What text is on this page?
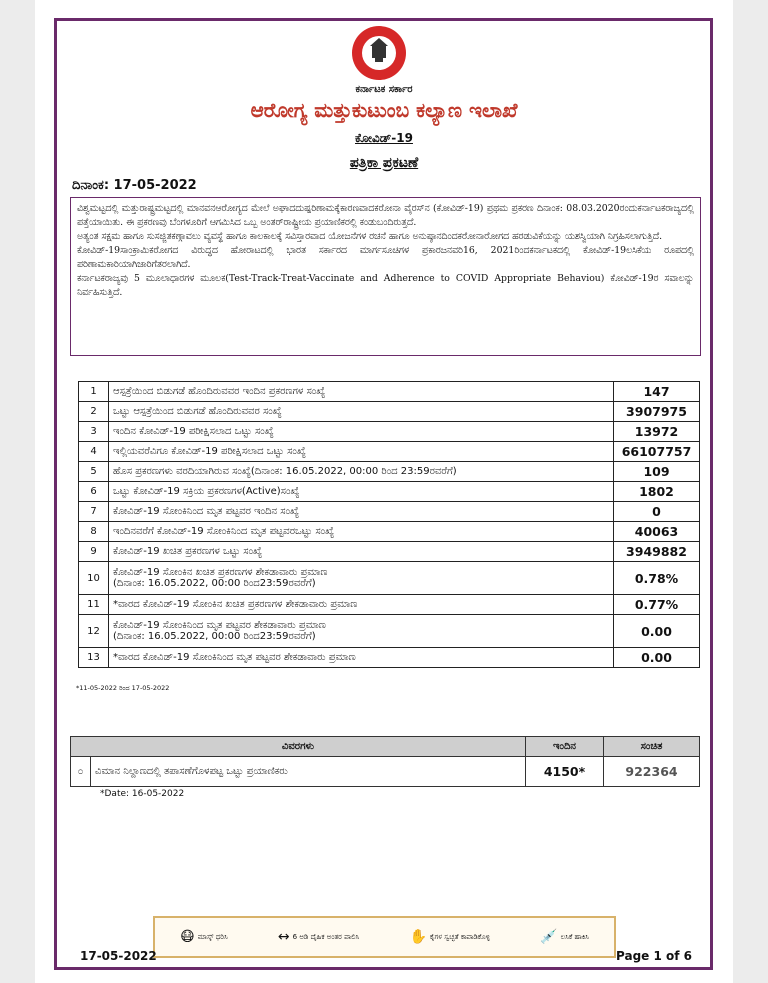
ಕರ್ನಾಟಕ ಸರ್ಕಾರ
ಆರೋಗ್ಯ ಮತ್ತುಕುಟುಂಬ ಕಲ್ಯಾಣ ಇಲಾಖೆ
ಕೋವಿಡ್-19
ಪತ್ರಿಕಾ ಪ್ರಕಟಣೆ
ದಿನಾಂಕ: 17-05-2022

ವಿಶ್ವಮಟ್ಟದಲ್ಲಿ ಮತ್ತುರಾಷ್ಟ್ರಮಟ್ಟದಲ್ಲಿ ಮಾನವನಆರೋಗ್ಯದ ಮೇಲೆ ಅಘಾದದುಷ್ಪರಿಣಾಮಕ್ಕೆಕಾರಣವಾದಕರೋನಾ ವೈರಸ್‌ನ (ಕೋವಿಡ್-19) ಪ್ರಥಮ ಪ್ರಕರಣ ದಿನಾಂಕ: 08.03.2020ರಂದುಕರ್ನಾಟಕರಾಜ್ಯದಲ್ಲಿ ಪತ್ತೆಯಾಯಿತು. ಈ ಪ್ರಕರಣವು ಬೆಂಗಳೂರಿಗೆ ಆಗಮಿಸಿದ ಒಬ್ಬ ಅಂತರ್‌ರಾಷ್ಟ್ರೀಯ ಪ್ರಯಾಣಿಕರಲ್ಲಿ ಕಂಡುಬಂದಿರುತ್ತದೆ.

ಅತ್ಯಂತ ಸಕ್ಷಮ ಹಾಗೂ ಸುಸಜ್ಜಿತಕಣ್ಗಾವಲು ವ್ಯವಸ್ಥೆ ಹಾಗೂ ಕಾಲಕಾಲಕ್ಕೆ ಸವಿಸ್ತಾರವಾದ ಯೋಜನೆಗಳ ರಚನೆ ಹಾಗೂ ಅನುಷ್ಠಾನದಿಂದಕರೋನಾರೋಗದ ಹರಡುವಿಕೆಯನ್ನು ಯಶಸ್ವಿಯಾಗಿ ನಿಗ್ರಹಿಸಲಾಗುತ್ತಿದೆ.

ಕೋವಿಡ್-19ಸಾಂಕ್ರಾಮಿಕರೋಗದ ವಿರುದ್ಧದ ಹೋರಾಟದಲ್ಲಿ ಭಾರತ ಸರ್ಕಾರದ ಮಾರ್ಗಸೂಚಿಗಳ ಪ್ರಕಾರಜನವರಿ16, 2021ರಿಂದಕರ್ನಾಟಕದಲ್ಲಿ ಕೋವಿಡ್-19ಲಸಿಕೆಯ ರೂಪದಲ್ಲಿ ಪರಿಣಾಮಕಾರಿಯಾಗಿಜಾರಿಗೆತರಲಾಗಿದೆ.

ಕರ್ನಾಟಕರಾಜ್ಯವು 5 ಮೂಲಾಧಾರಗಳ ಮೂಲಕ(Test-Track-Treat-Vaccinate and Adherence to COVID Appropriate Behaviou) ಕೋವಿಡ್-19ರ ಸವಾಲನ್ನು ನಿರ್ವಹಿಸುತ್ತಿದೆ.

1	ಆಸ್ಪತ್ರೆಯಿಂದ ಬಿಡುಗಡೆ ಹೊಂದಿರುವವರ ಇಂದಿನ ಪ್ರಕರಣಗಳ ಸಂಖ್ಯೆ	147
2	ಒಟ್ಟು ಆಸ್ಪತ್ರೆಯಿಂದ ಬಿಡುಗಡೆ ಹೊಂದಿರುವವರ ಸಂಖ್ಯೆ	3907975
3	ಇಂದಿನ ಕೋವಿಡ್-19 ಪರೀಕ್ಷಿಸಲಾದ ಒಟ್ಟು ಸಂಖ್ಯೆ	13972
4	ಇಲ್ಲಿಯವರೆವಿಗೂ ಕೋವಿಡ್-19 ಪರೀಕ್ಷಿಸಲಾದ ಒಟ್ಟು ಸಂಖ್ಯೆ	66107757
5	ಹೊಸ ಪ್ರಕರಣಗಳು ವರದಿಯಾಗಿರುವ ಸಂಖ್ಯೆ(ದಿನಾಂಕ: 16.05.2022, 00:00 ರಿಂದ 23:59ರವರೆಗೆ)	109
6	ಒಟ್ಟು ಕೋವಿಡ್-19 ಸಕ್ರಿಯ ಪ್ರಕರಣಗಳ(Active)ಸಂಖ್ಯೆ	1802
7	ಕೋವಿಡ್-19 ಸೋಂಕಿನಿಂದ ಮೃತ ಪಟ್ಟವರ ಇಂದಿನ ಸಂಖ್ಯೆ	0
8	ಇಂದಿನವರೆಗೆ ಕೋವಿಡ್-19 ಸೋಂಕಿನಿಂದ ಮೃತ ಪಟ್ಟವರಒಟ್ಟು ಸಂಖ್ಯೆ	40063
9	ಕೋವಿಡ್-19 ಖಚಿತ ಪ್ರಕರಣಗಳ ಒಟ್ಟು ಸಂಖ್ಯೆ	3949882
10	ಕೋವಿಡ್-19 ಸೋಂಕಿನ ಖಚಿತ ಪ್ರಕರಣಗಳ ಶೇಕಡಾವಾರು ಪ್ರಮಾಣ
(ದಿನಾಂಕ: 16.05.2022, 00:00 ರಿಂದ23:59ರವರೆಗೆ)	0.78%
11	*ವಾರದ ಕೋವಿಡ್-19 ಸೋಂಕಿನ ಖಚಿತ ಪ್ರಕರಣಗಳ ಶೇಕಡಾವಾರು ಪ್ರಮಾಣ	0.77%
12	ಕೋವಿಡ್-19 ಸೋಂಕಿನಿಂದ ಮೃತ ಪಟ್ಟವರ ಶೇಕಡಾವಾರು ಪ್ರಮಾಣ
(ದಿನಾಂಕ: 16.05.2022, 00:00 ರಿಂದ23:59ರವರೆಗೆ)	0.00
13	*ವಾರದ ಕೋವಿಡ್-19 ಸೋಂಕಿನಿಂದ ಮೃತ ಪಟ್ಟವರ ಶೇಕಡಾವಾರು ಪ್ರಮಾಣ	0.00
*11-05-2022 ರಿಂದ 17-05-2022
ವಿವರಗಳು		ಇಂದಿನ	ಸಂಚಿತ
೦	ವಿಮಾನ ನಿಲ್ದಾಣದಲ್ಲಿ ತಪಾಸಣೆಗೊಳಪಟ್ಟ ಒಟ್ಟು ಪ್ರಯಾಣಿಕರು	4150*	922364
*Date: 16-05-2022
😷 ಮಾಸ್ಕ್ ಧರಿಸಿ	↔ 6 ಅಡಿ ದೈಹಿಕ ಅಂತರ ಪಾಲಿಸಿ	✋ ಕೈಗಳ ಸ್ವಚ್ಛತೆ ಕಾಪಾಡಿಕೊಳ್ಳಿ	💉 ಲಸಿಕೆ ಹಾಕಿಸಿ
17-05-2022	Page 1 of 6
